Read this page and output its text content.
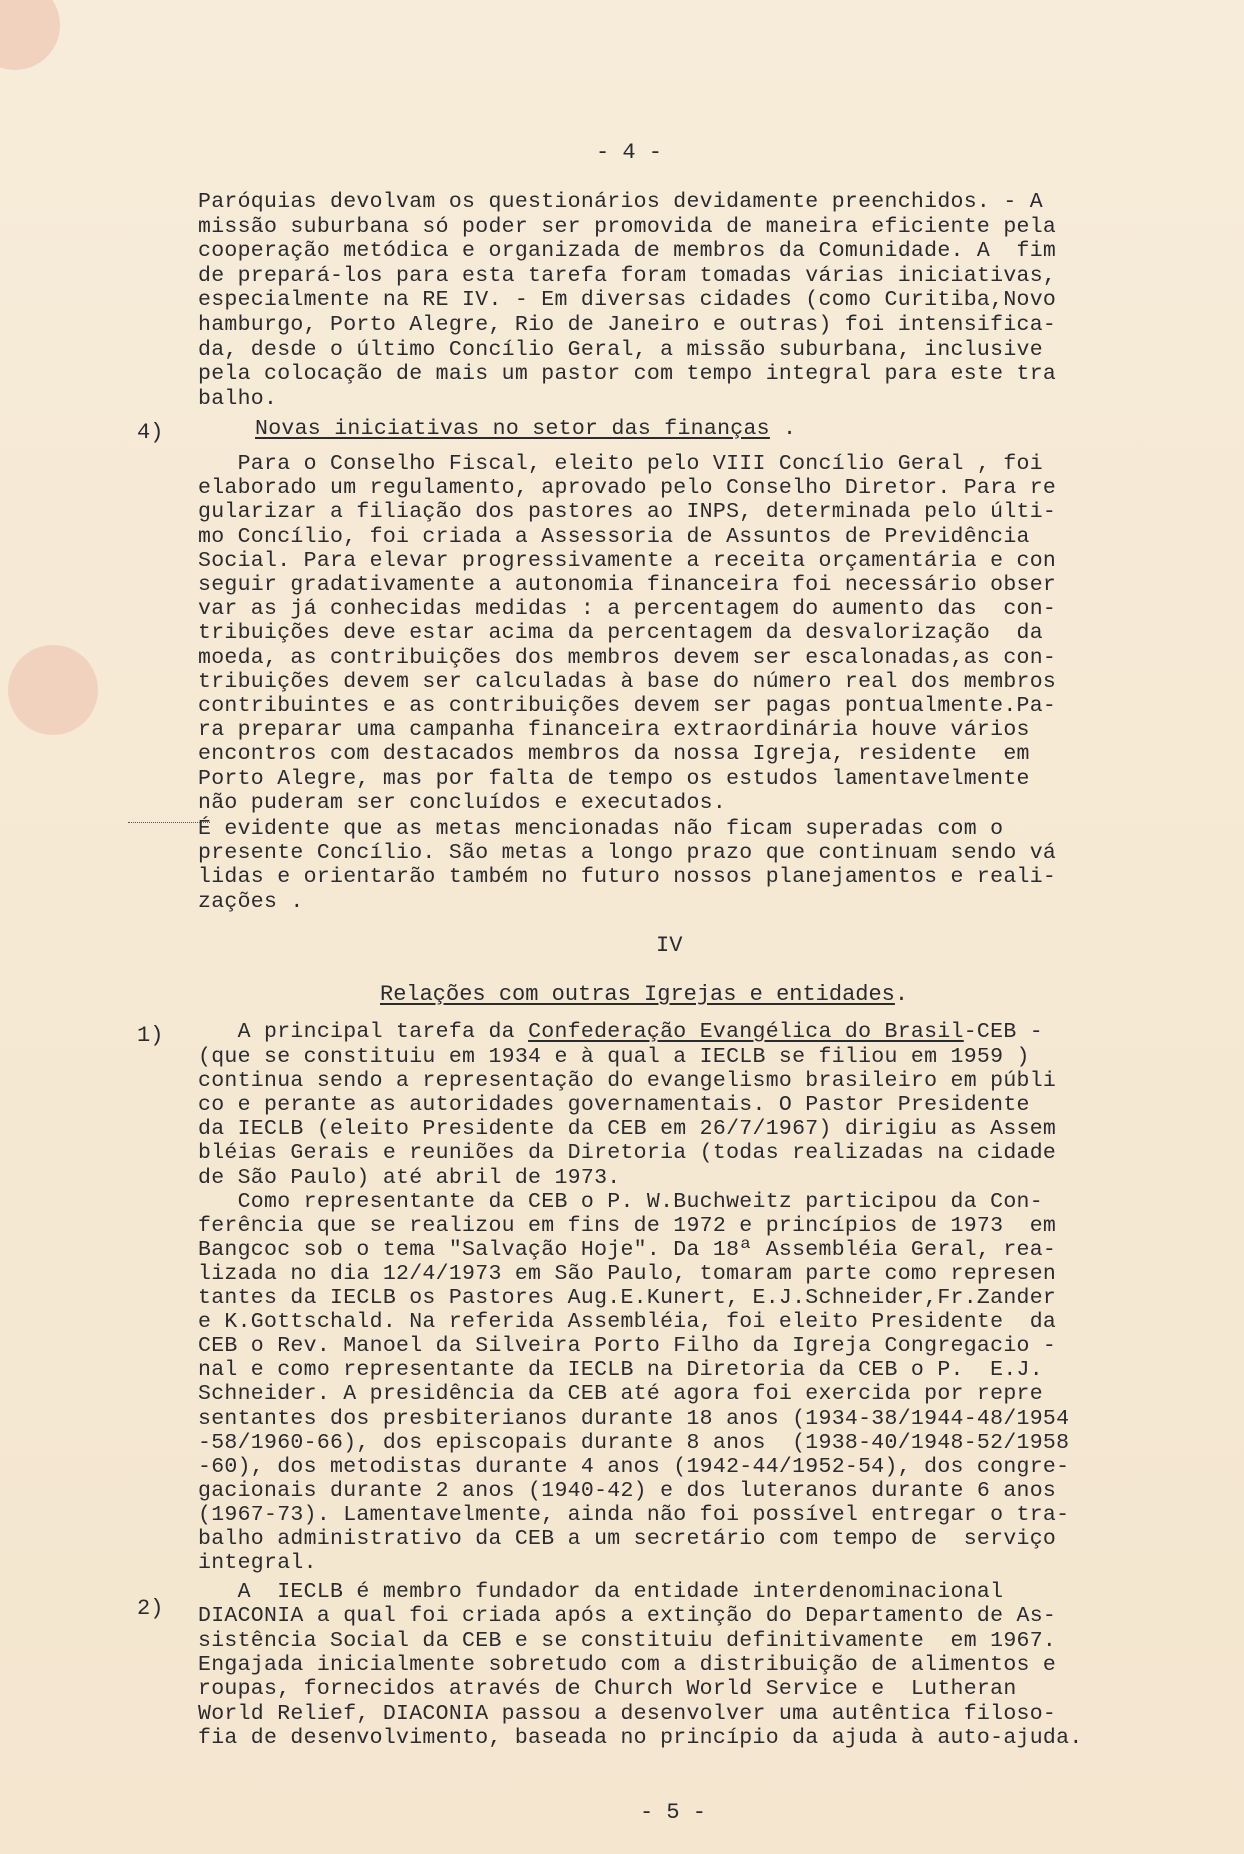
- 4 -
Paróquias devolvam os questionários devidamente preenchidos. - A
missão suburbana só poder ser promovida de maneira eficiente pela
cooperação metódica e organizada de membros da Comunidade. A  fim
de prepará-los para esta tarefa foram tomadas várias iniciativas,
especialmente na RE IV. - Em diversas cidades (como Curitiba,Novo
hamburgo, Porto Alegre, Rio de Janeiro e outras) foi intensifica-
da, desde o último Concílio Geral, a missão suburbana, inclusive
pela colocação de mais um pastor com tempo integral para este tra
balho.
4)	Novas iniciativas no setor das finanças .
Para o Conselho Fiscal, eleito pelo VIII Concílio Geral , foi
elaborado um regulamento, aprovado pelo Conselho Diretor. Para re
gularizar a filiação dos pastores ao INPS, determinada pelo últi-
mo Concílio, foi criada a Assessoria de Assuntos de Previdência
Social. Para elevar progressivamente a receita orçamentária e con
seguir gradativamente a autonomia financeira foi necessário obser
var as já conhecidas medidas : a percentagem do aumento das  con-
tribuições deve estar acima da percentagem da desvalorização  da
moeda, as contribuições dos membros devem ser escalonadas,as con-
tribuições devem ser calculadas à base do número real dos membros
contribuintes e as contribuições devem ser pagas pontualmente.Pa-
ra preparar uma campanha financeira extraordinária houve vários
encontros com destacados membros da nossa Igreja, residente  em
Porto Alegre, mas por falta de tempo os estudos lamentavelmente
não puderam ser concluídos e executados.
É evidente que as metas mencionadas não ficam superadas com o
presente Concílio. São metas a longo prazo que continuam sendo vá
lidas e orientarão também no futuro nossos planejamentos e reali-
zações .
IV
Relações com outras Igrejas e entidades.
1) A principal tarefa da Confederação Evangélica do Brasil-CEB -
(que se constituiu em 1934 e à qual a IECLB se filiou em 1959 )
continua sendo a representação do evangelismo brasileiro em públi
co e perante as autoridades governamentais. O Pastor Presidente
da IECLB (eleito Presidente da CEB em 26/7/1967) dirigiu as Assem
bléias Gerais e reuniões da Diretoria (todas realizadas na cidade
de São Paulo) até abril de 1973.
Como representante da CEB o P. W.Buchweitz participou da Con-
ferência que se realizou em fins de 1972 e princípios de 1973  em
Bangcoc sob o tema "Salvação Hoje". Da 18ª Assembléia Geral, rea-
lizada no dia 12/4/1973 em São Paulo, tomaram parte como represen
tantes da IECLB os Pastores Aug.E.Kunert, E.J.Schneider,Fr.Zander
e K.Gottschald. Na referida Assembléia, foi eleito Presidente  da
CEB o Rev. Manoel da Silveira Porto Filho da Igreja Congregacio -
nal e como representante da IECLB na Diretoria da CEB o P.  E.J.
Schneider. A presidência da CEB até agora foi exercida por repre
sentantes dos presbiterianos durante 18 anos (1934-38/1944-48/1954
-58/1960-66), dos episcopais durante 8 anos  (1938-40/1948-52/1958
-60), dos metodistas durante 4 anos (1942-44/1952-54), dos congre-
gacionais durante 2 anos (1940-42) e dos luteranos durante 6 anos
(1967-73). Lamentavelmente, ainda não foi possível entregar o tra-
balho administrativo da CEB a um secretário com tempo de  serviço
integral.
2)
A  IECLB é membro fundador da entidade interdenominacional
DIACONIA a qual foi criada após a extinção do Departamento de As-
sistência Social da CEB e se constituiu definitivamente  em 1967.
Engajada inicialmente sobretudo com a distribuição de alimentos e
roupas, fornecidos através de Church World Service e  Lutheran
World Relief, DIACONIA passou a desenvolver uma autêntica filoso-
fia de desenvolvimento, baseada no princípio da ajuda à auto-ajuda.
- 5 -
